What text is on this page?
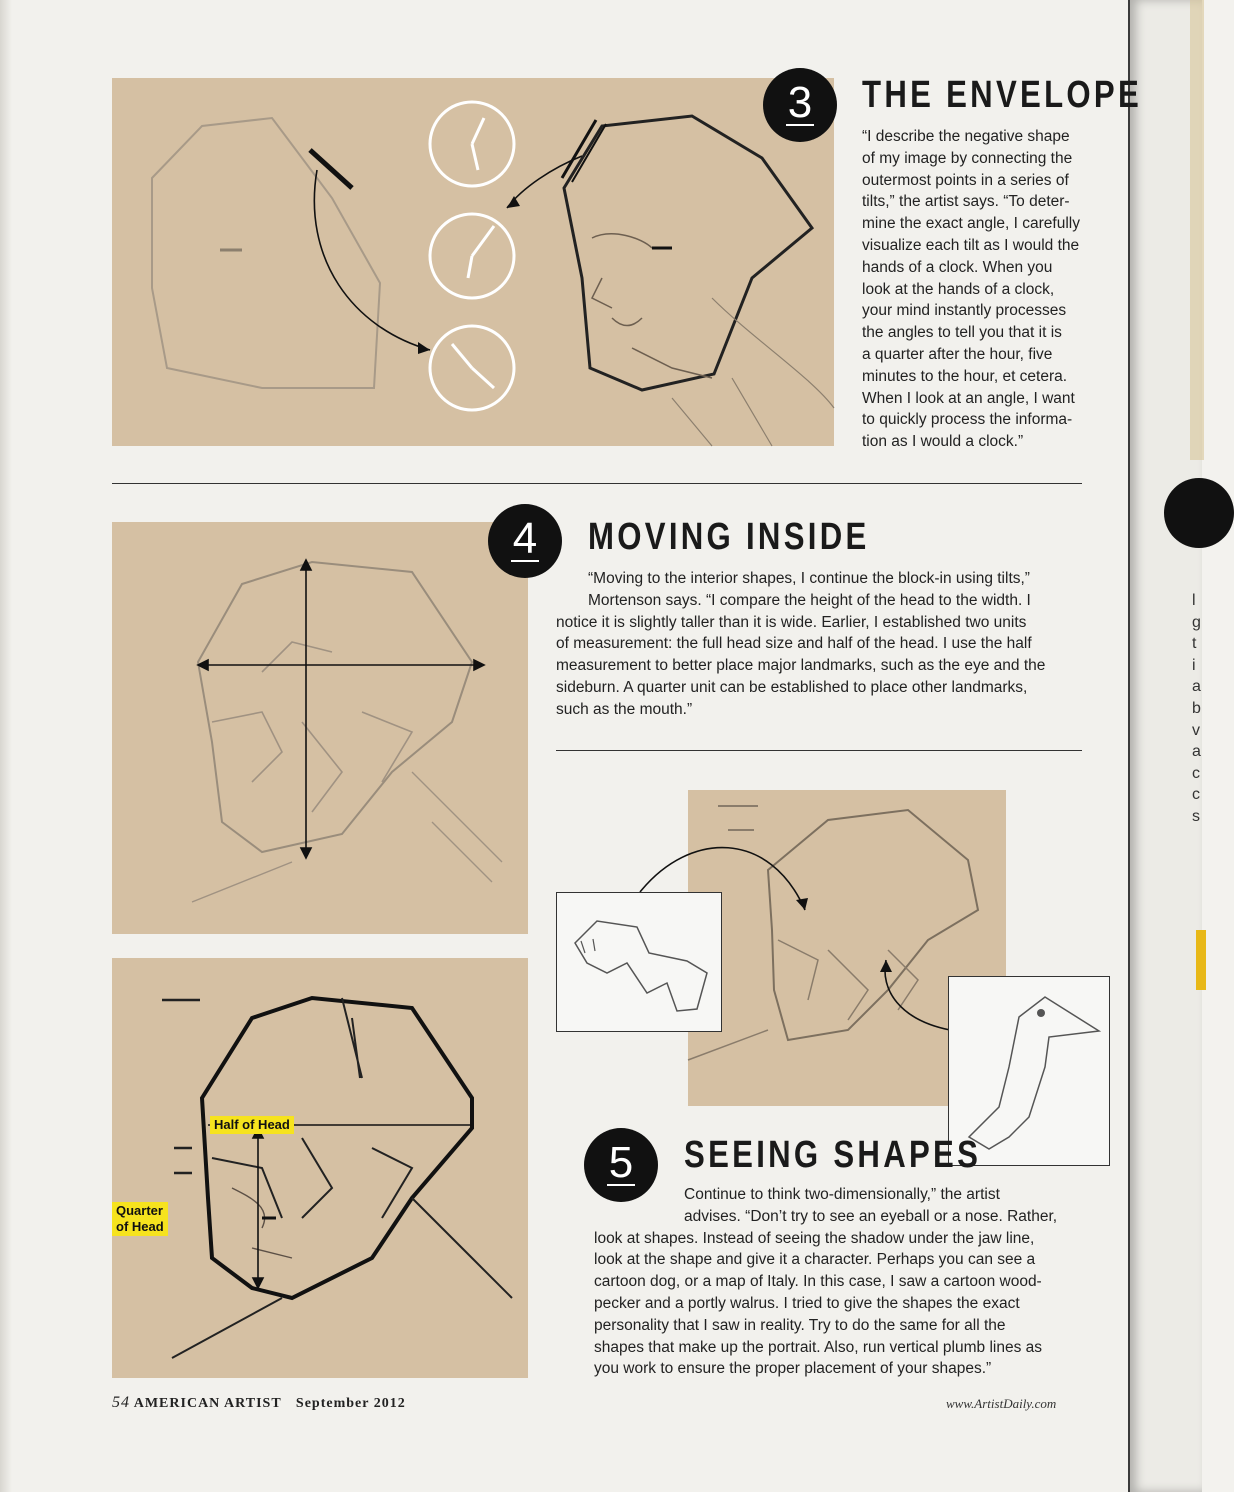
l
g
t
i
a
b
v
a
c
c
s
3	THE ENVELOPE

“I describe the negative shape

of my image by connecting the

outermost points in a series of

tilts,” the artist says. “To deter-

mine the exact angle, I carefully

visualize each tilt as I would the

hands of a clock. When you

look at the hands of a clock,

your mind instantly processes

the angles to tell you that it is

a quarter after the hour, five

minutes to the hour, et cetera.

When I look at an angle, I want

to quickly process the informa-

tion as I would a clock.”

4	MOVING INSIDE

“Moving to the interior shapes, I continue the block-in using tilts,”

Mortenson says. “I compare the height of the head to the width. I

notice it is slightly taller than it is wide. Earlier, I established two units

of measurement: the full head size and half of the head. I use the half

measurement to better place major landmarks, such as the eye and the

sideburn. A quarter unit can be established to place other landmarks,

such as the mouth.”

Half of Head
Quarter
of Head
5	SEEING SHAPES

Continue to think two-dimensionally,” the artist

advises. “Don’t try to see an eyeball or a nose. Rather,

look at shapes. Instead of seeing the shadow under the jaw line,

look at the shape and give it a character. Perhaps you can see a

cartoon dog, or a map of Italy. In this case, I saw a cartoon wood-

pecker and a portly walrus. I tried to give the shapes the exact

personality that I saw in reality. Try to do the same for all the

shapes that make up the portrait. Also, run vertical plumb lines as

you work to ensure the proper placement of your shapes.”

54 AMERICAN ARTIST September 2012	www.ArtistDaily.com
